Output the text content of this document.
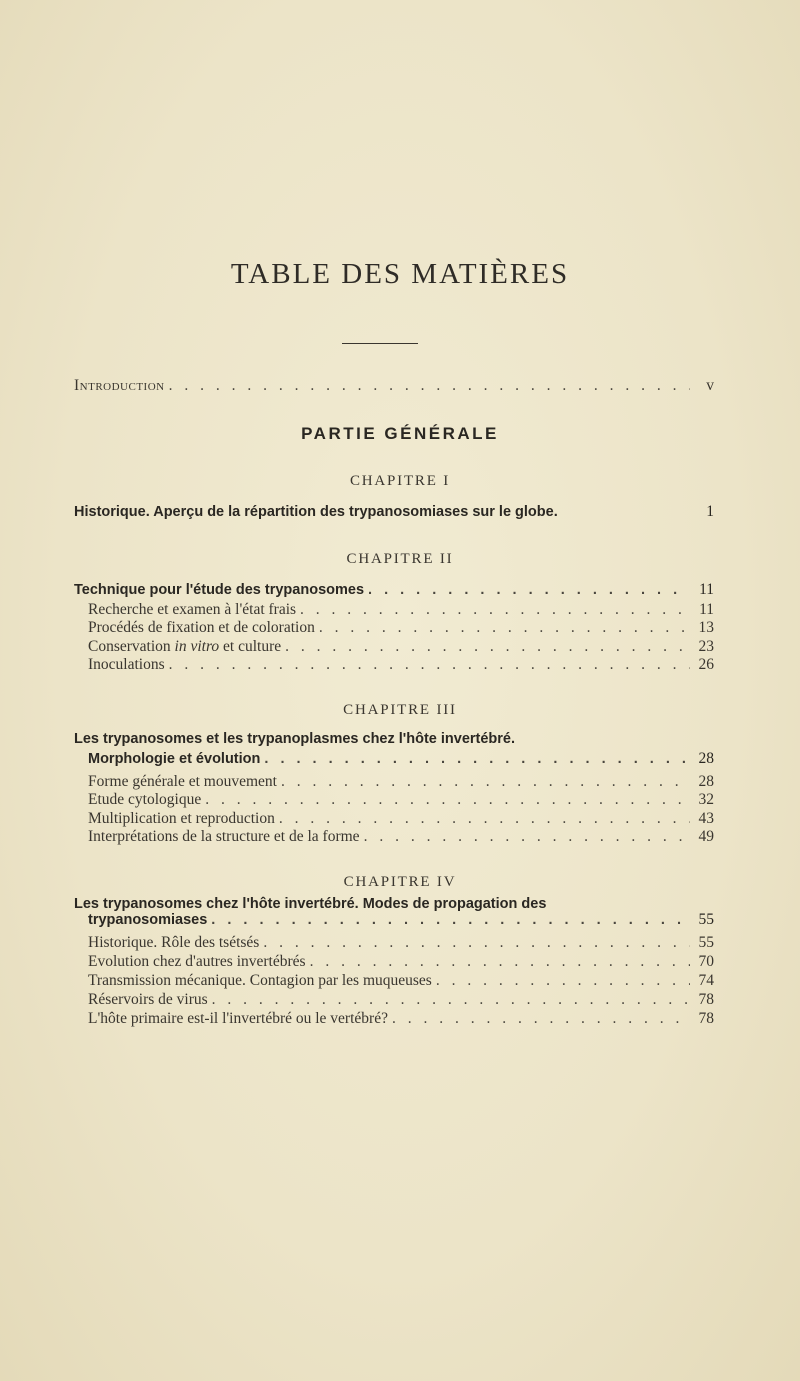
TABLE DES MATIÈRES
Introduction . . .	v
PARTIE GÉNÉRALE
CHAPITRE I
Historique. Aperçu de la répartition des trypanosomiases sur le globe.	1
CHAPITRE II
Technique pour l'étude des trypanosomes . . .	11
Recherche et examen à l'état frais . . .	11
Procédés de fixation et de coloration . . .	13
Conservation in vitro et culture . . .	23
Inoculations . . .	26
CHAPITRE III
Les trypanosomes et les trypanoplasmes chez l'hôte invertébré.
Morphologie et évolution . . .	28
Forme générale et mouvement . . .	28
Etude cytologique . . .	32
Multiplication et reproduction . . .	43
Interprétations de la structure et de la forme . . .	49
CHAPITRE IV
Les trypanosomes chez l'hôte invertébré. Modes de propagation des
trypanosomiases . . .	55
Historique. Rôle des tsétsés . . .	55
Evolution chez d'autres invertébrés . . .	70
Transmission mécanique. Contagion par les muqueuses . . .	74
Réservoirs de virus . . .	78
L'hôte primaire est-il l'invertébré ou le vertébré? . . .	78
